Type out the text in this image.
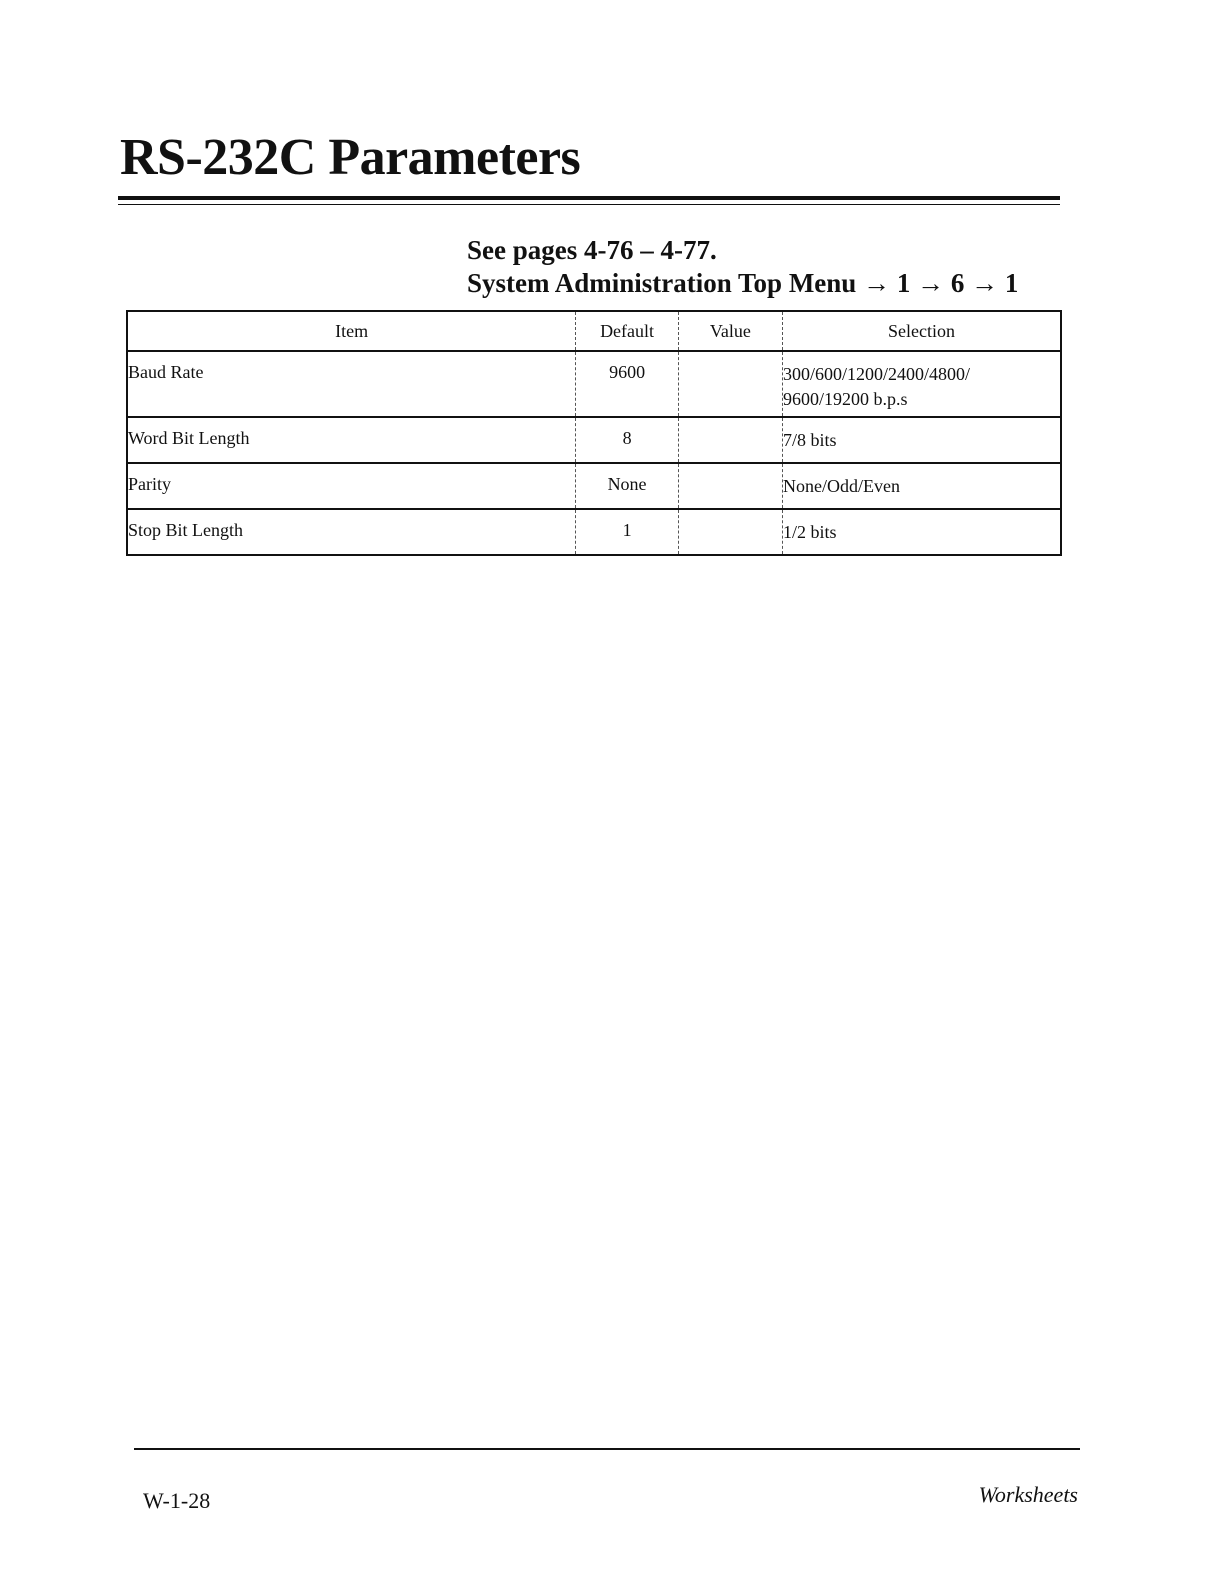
RS-232C Parameters
See pages 4-76 – 4-77.
System Administration Top Menu → 1 → 6 → 1
Item	Default	Value	Selection
Baud Rate	9600		300/600/1200/2400/4800/
9600/19200 b.p.s

Word Bit Length	8		7/8 bits

Parity	None		None/Odd/Even

Stop Bit Length	1		1/2 bits
W-1-28	Worksheets
